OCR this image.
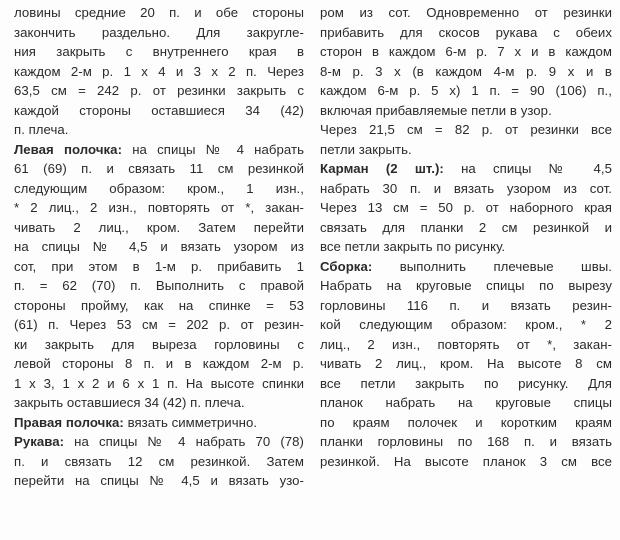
ловины средние 20 п. и обе стороны
закончить раздельно. Для закругле-
ния закрыть с внутреннего края в
каждом 2-м р. 1 х 4 и 3 х 2 п. Через
63,5 см = 242 р. от резинки закрыть с
каждой стороны оставшиеся 34 (42)
п. плеча.
Левая полочка: на спицы № 4 набрать
61 (69) п. и связать 11 см резинкой
следующим образом: кром., 1 изн.,
* 2 лиц., 2 изн., повторять от *, закан-
чивать 2 лиц., кром. Затем перейти
на спицы № 4,5 и вязать узором из
сот, при этом в 1-м р. прибавить 1
п. = 62 (70) п. Выполнить с правой
стороны пройму, как на спинке = 53
(61) п. Через 53 см = 202 р. от резин-
ки закрыть для выреза горловины с
левой стороны 8 п. и в каждом 2-м р.
1 х 3, 1 х 2 и 6 х 1 п. На высоте спинки
закрыть оставшиеся 34 (42) п. плеча.
Правая полочка: вязать симметрично.
Рукава: на спицы № 4 набрать 70 (78)
п. и связать 12 см резинкой. Затем
перейти на спицы № 4,5 и вязать узо-
ром из сот. Одновременно от резинки
прибавить для скосов рукава с обеих
сторон в каждом 6-м р. 7 х и в каждом
8-м р. 3 х (в каждом 4-м р. 9 х и в
каждом 6-м р. 5 х) 1 п. = 90 (106) п.,
включая прибавляемые петли в узор.
Через 21,5 см = 82 р. от резинки все
петли закрыть.
Карман (2 шт.): на спицы № 4,5
набрать 30 п. и вязать узором из сот.
Через 13 см = 50 р. от наборного края
связать для планки 2 см резинкой и
все петли закрыть по рисунку.
Сборка: выполнить плечевые швы.
Набрать на круговые спицы по вырезу
горловины 116 п. и вязать резин-
кой следующим образом: кром., * 2
лиц., 2 изн., повторять от *, закан-
чивать 2 лиц., кром. На высоте 8 см
все петли закрыть по рисунку. Для
планок набрать на круговые спицы
по краям полочек и коротким краям
планки горловины по 168 п. и вязать
резинкой. На высоте планок 3 см все
